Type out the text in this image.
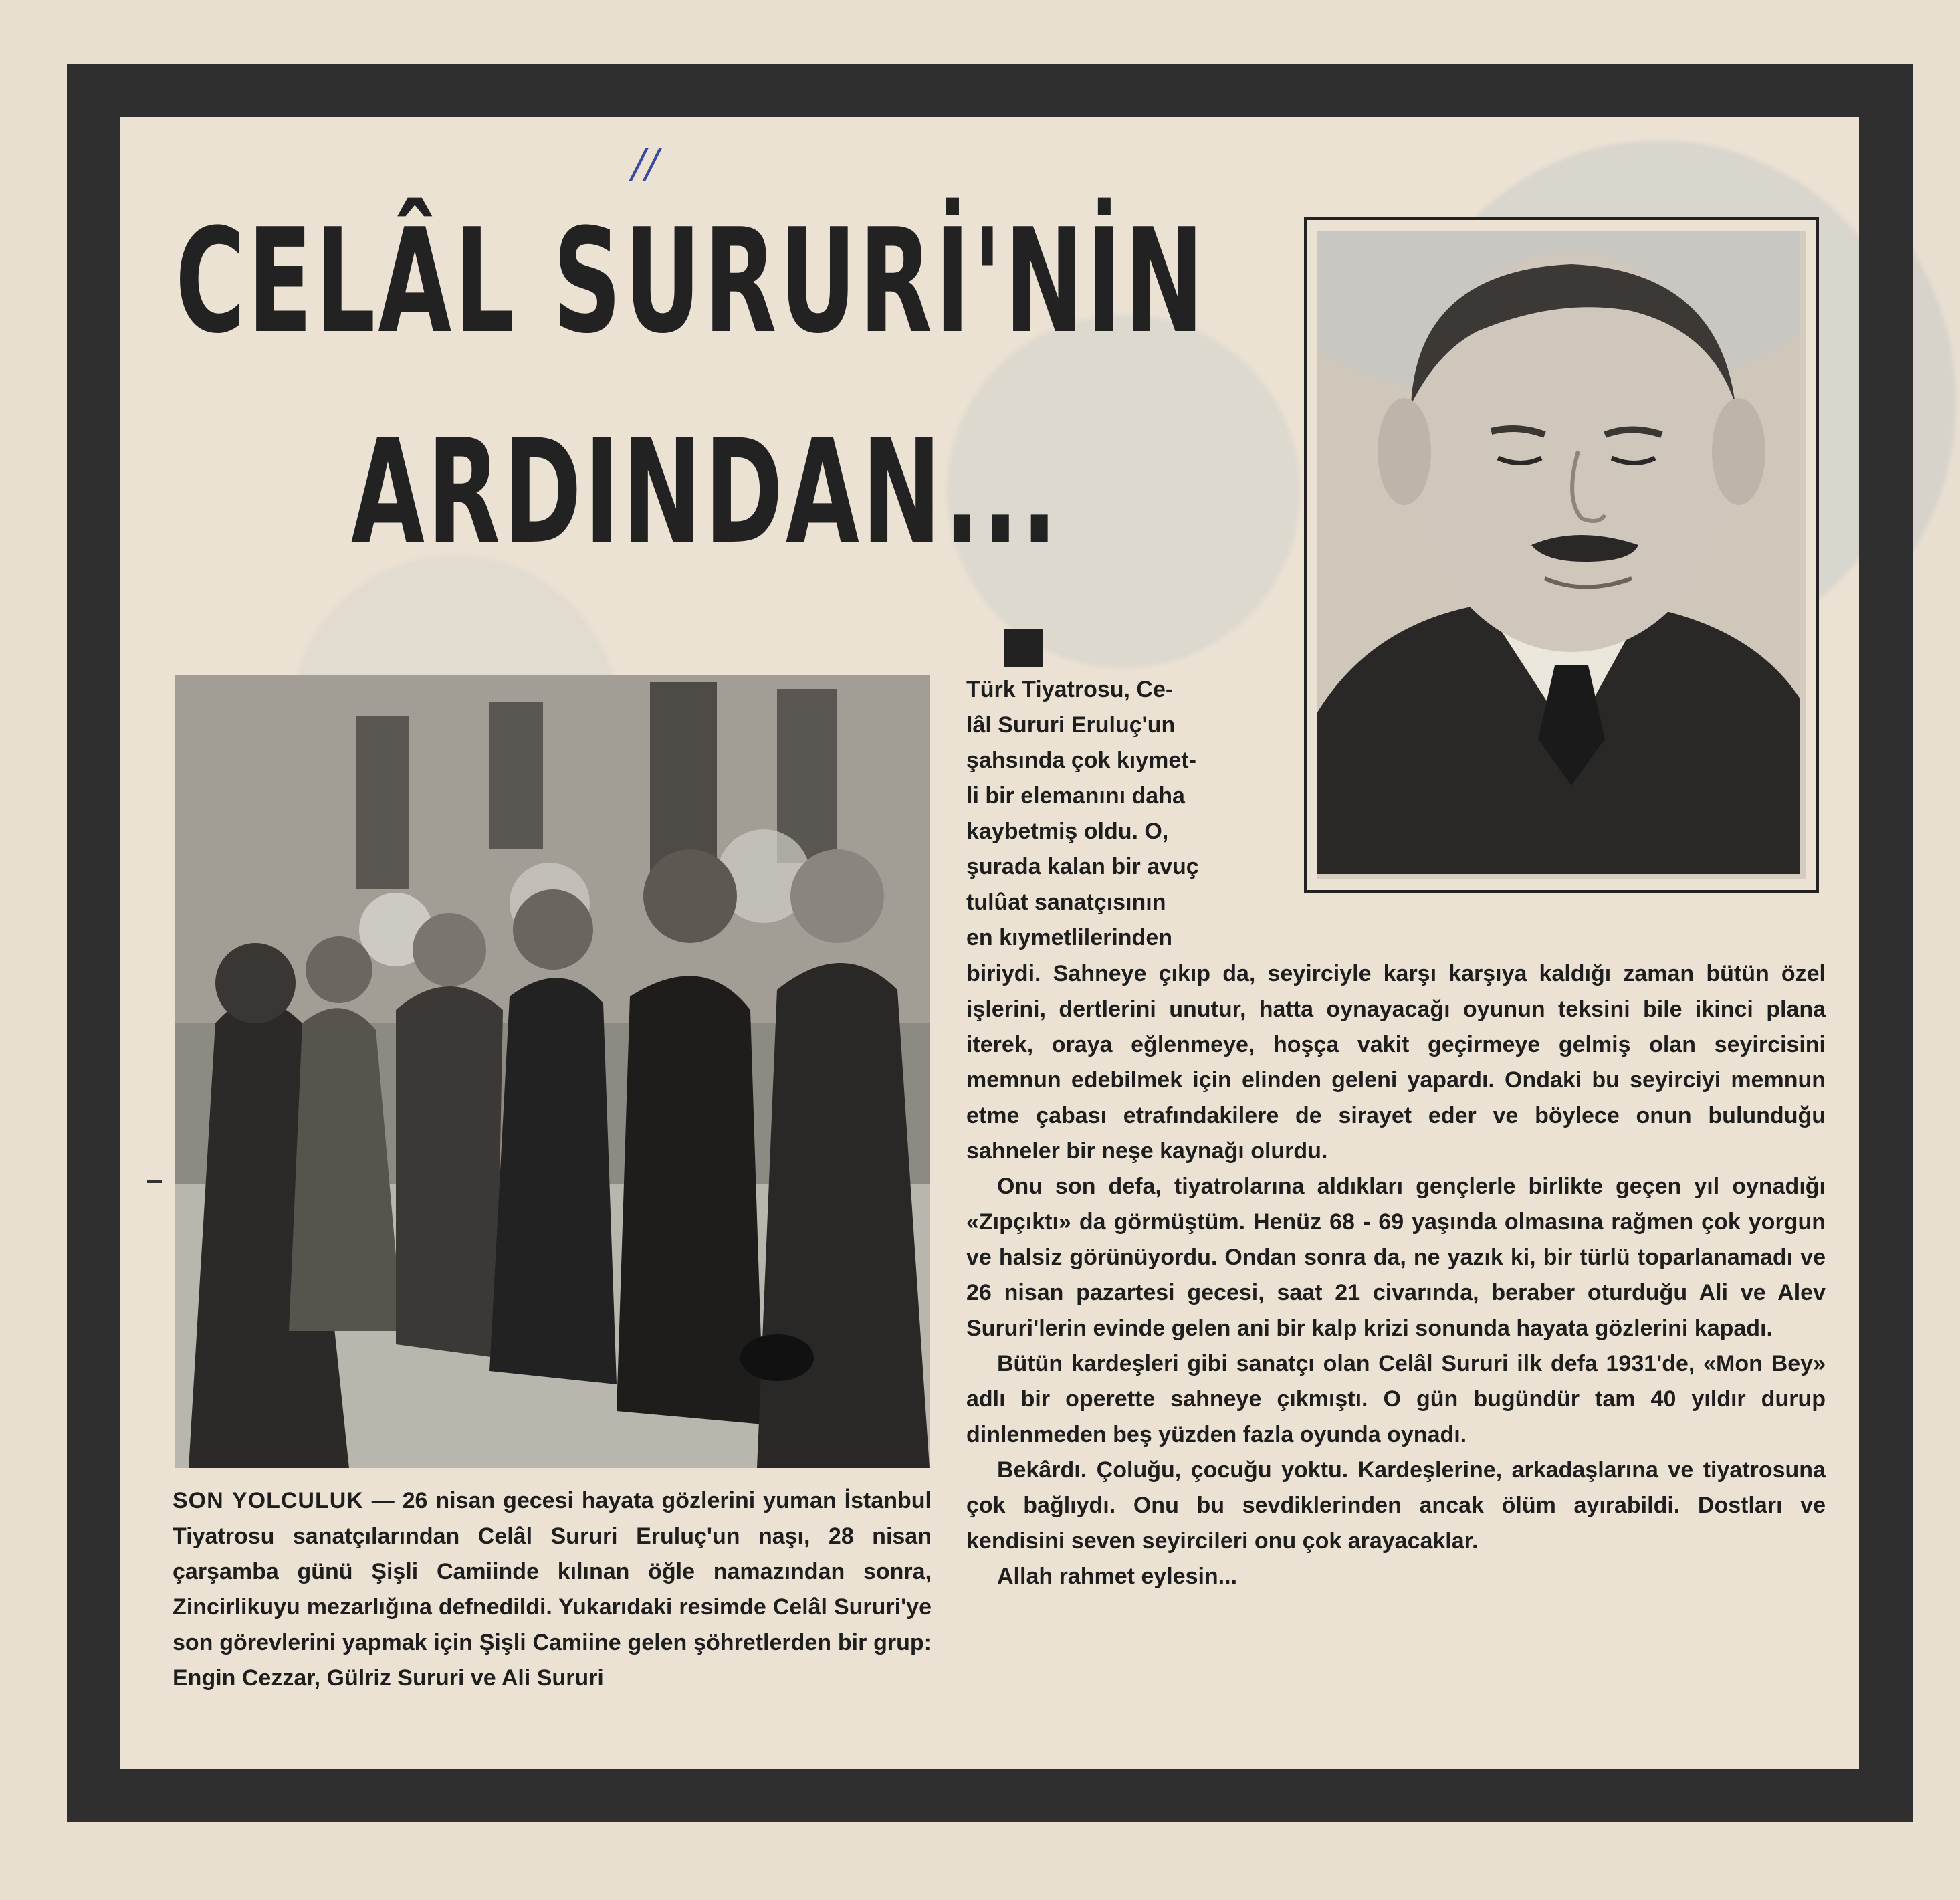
//
CELÂL SURURİ'NİN
ARDINDAN...

Türk Tiyatrosu, Ce-

lâl Sururi Eruluç'un

şahsında çok kıymet-

li bir elemanını daha

kaybetmiş oldu. O,

şurada kalan bir avuç

tulûat sanatçısının

en kıymetlilerinden

biriydi. Sahneye çıkıp da, seyirciyle karşı karşıya kaldığı zaman bütün özel işlerini, dertlerini unutur, hatta oynayacağı oyunun teksini bile ikinci plana iterek, oraya eğlenmeye, hoşça vakit geçirmeye gelmiş olan seyircisini memnun edebilmek için elinden geleni yapardı. Ondaki bu seyirciyi memnun etme çabası etrafındakilere de sirayet eder ve böylece onun bulunduğu sahneler bir neşe kaynağı olurdu.

Onu son defa, tiyatrolarına aldıkları gençlerle birlikte geçen yıl oynadığı «Zıpçıktı» da görmüştüm. Henüz 68 - 69 yaşında olmasına rağmen çok yorgun ve halsiz görünüyordu. Ondan sonra da, ne yazık ki, bir türlü toparlanamadı ve 26 nisan pazartesi gecesi, saat 21 civarında, beraber oturduğu Ali ve Alev Sururi'lerin evinde gelen ani bir kalp krizi sonunda hayata gözlerini kapadı.

Bütün kardeşleri gibi sanatçı olan Celâl Sururi ilk defa 1931'de, «Mon Bey» adlı bir operette sahneye çıkmıştı. O gün bugündür tam 40 yıldır durup dinlenmeden beş yüzden fazla oyunda oynadı.

Bekârdı. Çoluğu, çocuğu yoktu. Kardeşlerine, arkadaşlarına ve tiyatrosuna çok bağlıydı. Onu bu sevdiklerinden ancak ölüm ayırabildi. Dostları ve kendisini seven seyircileri onu çok arayacaklar.

Allah rahmet eylesin...

SON YOLCULUK — 26 nisan gecesi hayata gözlerini yuman İstanbul Tiyatrosu sanatçılarından Celâl Sururi Eruluç'un naşı, 28 nisan çarşamba günü Şişli Camiinde kılınan öğle namazından sonra, Zincirlikuyu mezarlığına defnedildi. Yukarıdaki resimde Celâl Sururi'ye son görevlerini yapmak için Şişli Camiine gelen şöhretlerden bir grup: Engin Cezzar, Gülriz Sururi ve Ali Sururi
